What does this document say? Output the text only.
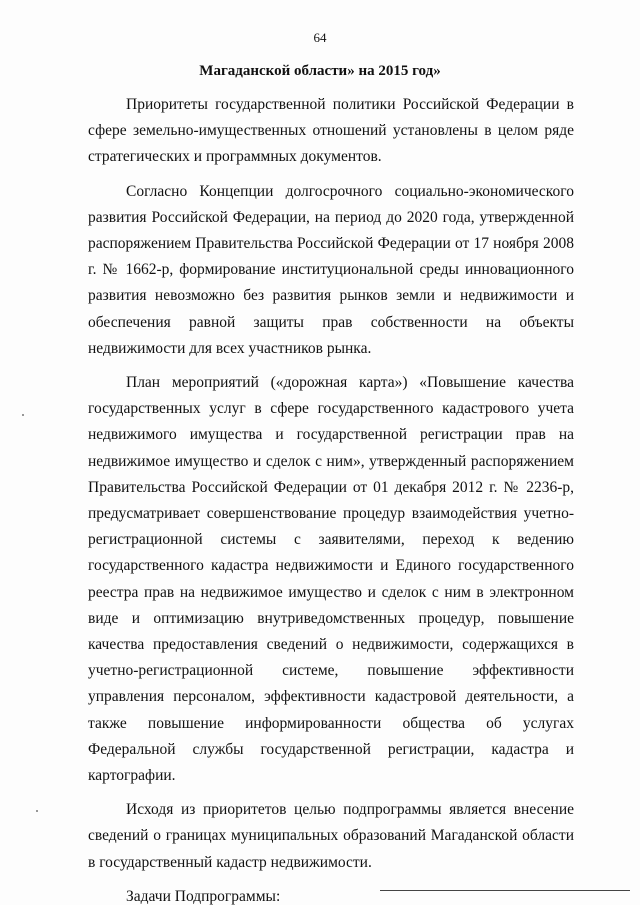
64
Магаданской области» на 2015 год»

Приоритеты государственной политики Российской Федерации в сфере земельно-имущественных отношений установлены в целом ряде стратегических и программных документов.

Согласно Концепции долгосрочного социально-экономического развития Российской Федерации, на период до 2020 года, утвержденной распоряжением Правительства Российской Федерации от 17 ноября 2008 г. № 1662-р, формирование институциональной среды инновационного развития невозможно без развития рынков земли и недвижимости и обеспечения равной защиты прав собственности на объекты недвижимости для всех участников рынка.

План мероприятий («дорожная карта») «Повышение качества государственных услуг в сфере государственного кадастрового учета недвижимого имущества и государственной регистрации прав на недвижимое имущество и сделок с ним», утвержденный распоряжением Правительства Российской Федерации от 01 декабря 2012 г. № 2236-р, предусматривает совершенствование процедур взаимодействия учетно-регистрационной системы с заявителями, переход к ведению государственного кадастра недвижимости и Единого государственного реестра прав на недвижимое имущество и сделок с ним в электронном виде и оптимизацию внутриведомственных процедур, повышение качества предоставления сведений о недвижимости, содержащихся в учетно-регистрационной системе, повышение эффективности управления персоналом, эффективности кадастровой деятельности, а также повышение информированности общества об услугах Федеральной службы государственной регистрации, кадастра и картографии.

Исходя из приоритетов целью подпрограммы является внесение сведений о границах муниципальных образований Магаданской области в государственный кадастр недвижимости.

Задачи Подпрограммы:
